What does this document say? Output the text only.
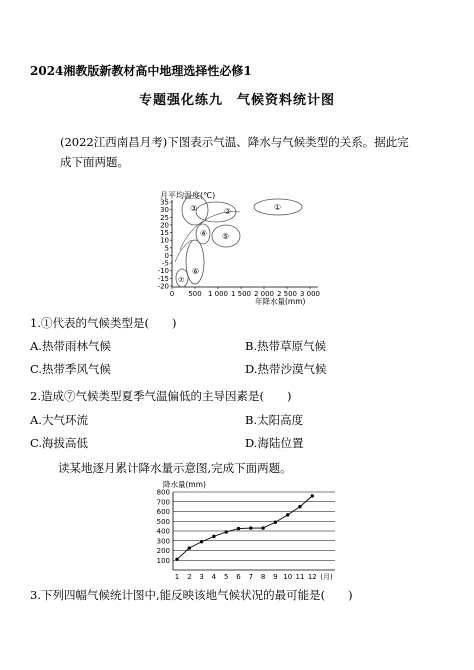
2024湘教版新教材高中地理选择性必修1
专题强化练九　气候资料统计图
(2022江西南昌月考)下图表示气温、降水与气候类型的关系。据此完成下面两题。
月平均温度(℃)
35
30
25
20
15
10
5
0
-5
-10
-15
-20
0 500 1 000 1 500 2 000 2 500 3 000
年降水量(mm)
①
②
③
④ ⑤
⑥
⑦
1.①代表的气候类型是(　　)
A.热带雨林气候	B.热带草原气候
C.热带季风气候	D.热带沙漠气候
2.造成⑦气候类型夏季气温偏低的主导因素是(　　)
A.大气环流	B.太阳高度
C.海拔高低	D.海陆位置
读某地逐月累计降水量示意图,完成下面两题。
降水量(mm)
800
700
600
500
400
300
200
100
1 2 3 4 5 6 7 8 9 10 11 12 (月)
3.下列四幅气候统计图中,能反映该地气候状况的最可能是(　　)
